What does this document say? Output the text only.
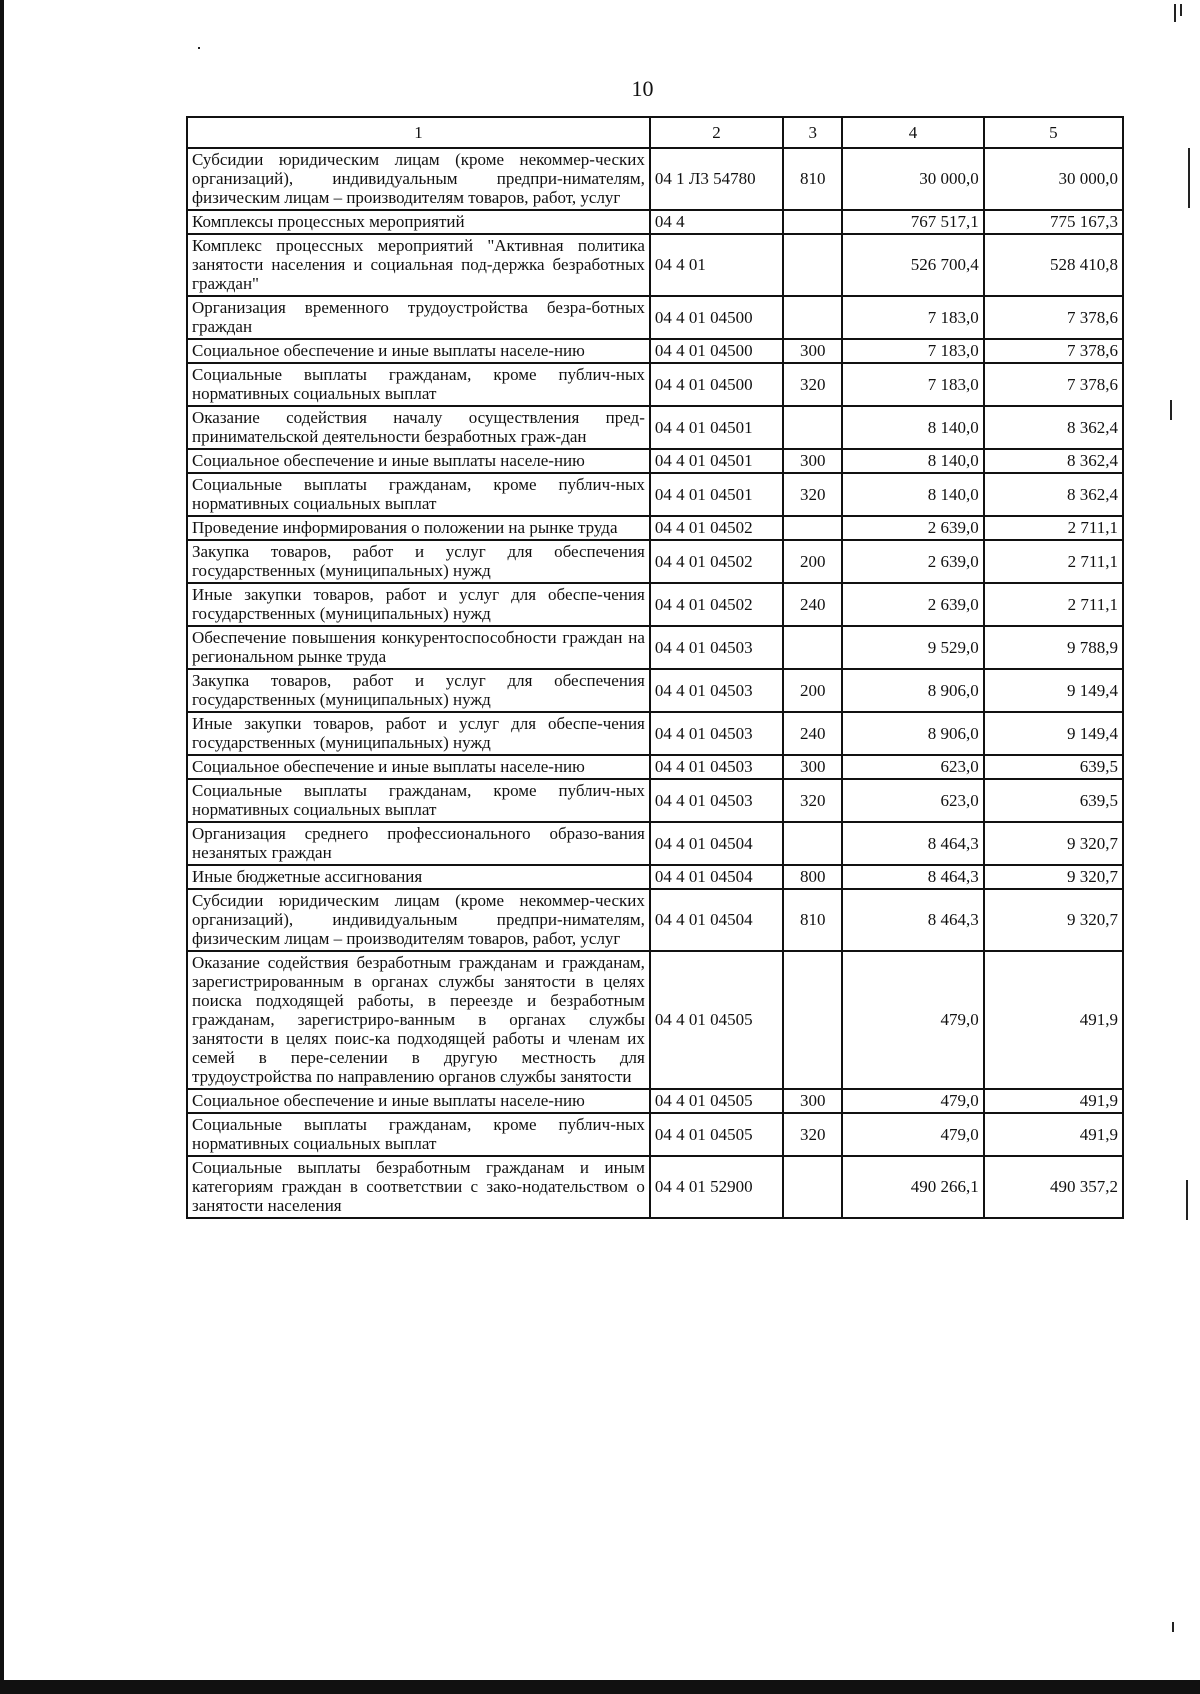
10
1	2	3	4	5
Субсидии юридическим лицам (кроме некоммер-ческих организаций), индивидуальным предпри-нимателям, физическим лицам – производителям товаров, работ, услуг	04 1 Л3 54780	810	30 000,0	30 000,0
Комплексы процессных мероприятий	04 4		767 517,1	775 167,3
Комплекс процессных мероприятий "Активная политика занятости населения и социальная под-держка безработных граждан"	04 4 01		526 700,4	528 410,8
Организация временного трудоустройства безра-ботных граждан	04 4 01 04500		7 183,0	7 378,6
Социальное обеспечение и иные выплаты населе-нию	04 4 01 04500	300	7 183,0	7 378,6
Социальные выплаты гражданам, кроме публич-ных нормативных социальных выплат	04 4 01 04500	320	7 183,0	7 378,6
Оказание содействия началу осуществления пред-принимательской деятельности безработных граж-дан	04 4 01 04501		8 140,0	8 362,4
Социальное обеспечение и иные выплаты населе-нию	04 4 01 04501	300	8 140,0	8 362,4
Социальные выплаты гражданам, кроме публич-ных нормативных социальных выплат	04 4 01 04501	320	8 140,0	8 362,4
Проведение информирования о положении на рынке труда	04 4 01 04502		2 639,0	2 711,1
Закупка товаров, работ и услуг для обеспечения государственных (муниципальных) нужд	04 4 01 04502	200	2 639,0	2 711,1
Иные закупки товаров, работ и услуг для обеспе-чения государственных (муниципальных) нужд	04 4 01 04502	240	2 639,0	2 711,1
Обеспечение повышения конкурентоспособности граждан на региональном рынке труда	04 4 01 04503		9 529,0	9 788,9
Закупка товаров, работ и услуг для обеспечения государственных (муниципальных) нужд	04 4 01 04503	200	8 906,0	9 149,4
Иные закупки товаров, работ и услуг для обеспе-чения государственных (муниципальных) нужд	04 4 01 04503	240	8 906,0	9 149,4
Социальное обеспечение и иные выплаты населе-нию	04 4 01 04503	300	623,0	639,5
Социальные выплаты гражданам, кроме публич-ных нормативных социальных выплат	04 4 01 04503	320	623,0	639,5
Организация среднего профессионального образо-вания незанятых граждан	04 4 01 04504		8 464,3	9 320,7
Иные бюджетные ассигнования	04 4 01 04504	800	8 464,3	9 320,7
Субсидии юридическим лицам (кроме некоммер-ческих организаций), индивидуальным предпри-нимателям, физическим лицам – производителям товаров, работ, услуг	04 4 01 04504	810	8 464,3	9 320,7
Оказание содействия безработным гражданам и гражданам, зарегистрированным в органах службы занятости в целях поиска подходящей работы, в переезде и безработным гражданам, зарегистриро-ванным в органах службы занятости в целях поис-ка подходящей работы и членам их семей в пере-селении в другую местность для трудоустройства по направлению органов службы занятости	04 4 01 04505		479,0	491,9
Социальное обеспечение и иные выплаты населе-нию	04 4 01 04505	300	479,0	491,9
Социальные выплаты гражданам, кроме публич-ных нормативных социальных выплат	04 4 01 04505	320	479,0	491,9
Социальные выплаты безработным гражданам и иным категориям граждан в соответствии с зако-нодательством о занятости населения	04 4 01 52900		490 266,1	490 357,2
